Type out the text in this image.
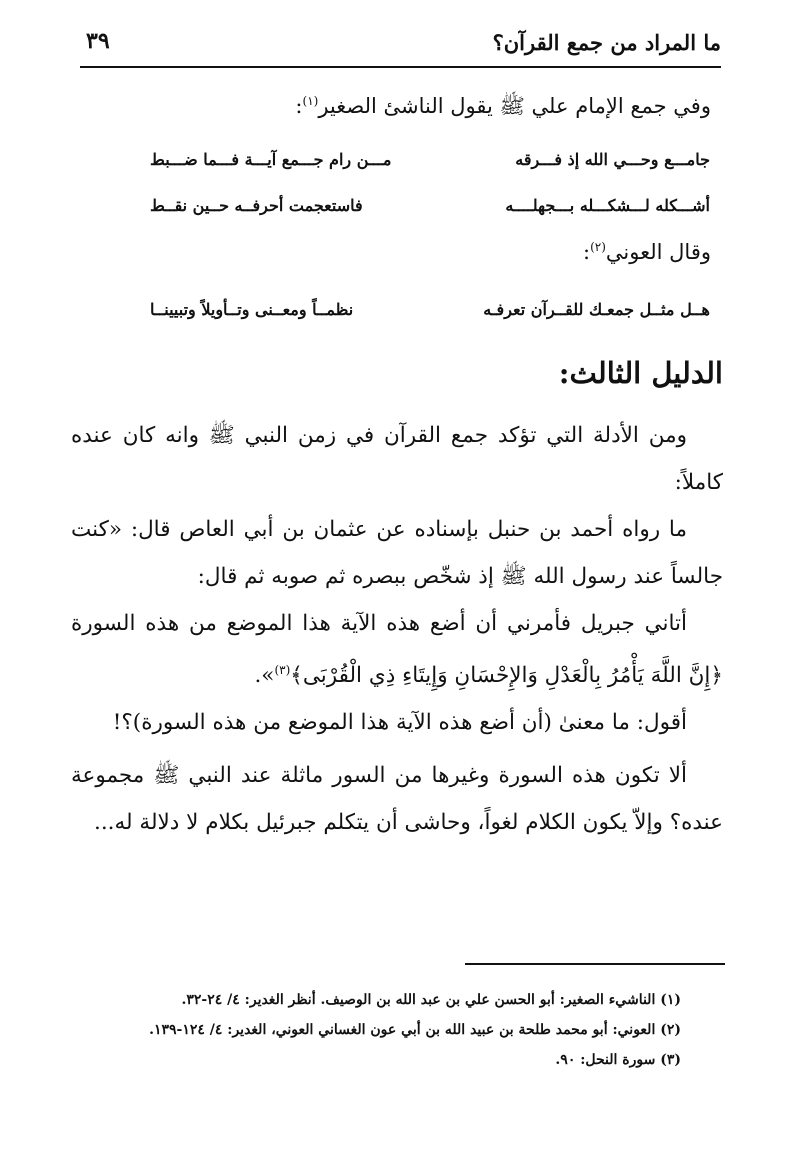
ما المراد من جمع القرآن؟
٣٩
وفي جمع الإمام علي ﷺ يقول الناشئ الصغير$^{(١)}$:
جامـــع وحـــي الله إذ فـــرقه
مـــن رام جـــمع آيـــة فـــما ضـــبط
أشـــكله لـــشكـــله بـــجهلــــه
فاستعجمت أحرفــه حــين نقــط
وقال العوني$^{(٢)}$:
هــل مثــل جمعـك للقــرآن تعرفـه
نظمــاً ومعــنى وتــأويلاً وتبيينــا
الدليل الثالث:

ومن الأدلة التي تؤكد جمع القرآن في زمن النبي ﷺ وانه كان عنده كاملاً:

ما رواه أحمد بن حنبل بإسناده عن عثمان بن أبي العاص قال: «كنت جالساً عند رسول الله ﷺ إذ شخّص ببصره ثم صوبه ثم قال:

أتاني جبريل فأمرني أن أضع هذه الآية هذا الموضع من هذه السورة ﴿إِنَّ اللَّهَ يَأْمُرُ بِالْعَدْلِ وَالإِحْسَانِ وَإِيتَاءِ ذِي الْقُرْبَى﴾$^{(٣)}$».

أقول: ما معنىٰ (أن أضع هذه الآية هذا الموضع من هذه السورة)؟!

ألا تكون هذه السورة وغيرها من السور ماثلة عند النبي ﷺ مجموعة عنده؟ وإلاّ يكون الكلام لغواً، وحاشى أن يتكلم جبرئيل بكلام لا دلالة له...

(١) الناشيء الصغير: أبو الحسن علي بن عبد الله بن الوصيف. أنظر الغدير: ٤/ ٢٤-٣٢.
(٢) العوني: أبو محمد طلحة بن عبيد الله بن أبي عون الغساني العوني، الغدير: ٤/ ١٢٤-١٣٩.
(٣) سورة النحل: ٩٠.
